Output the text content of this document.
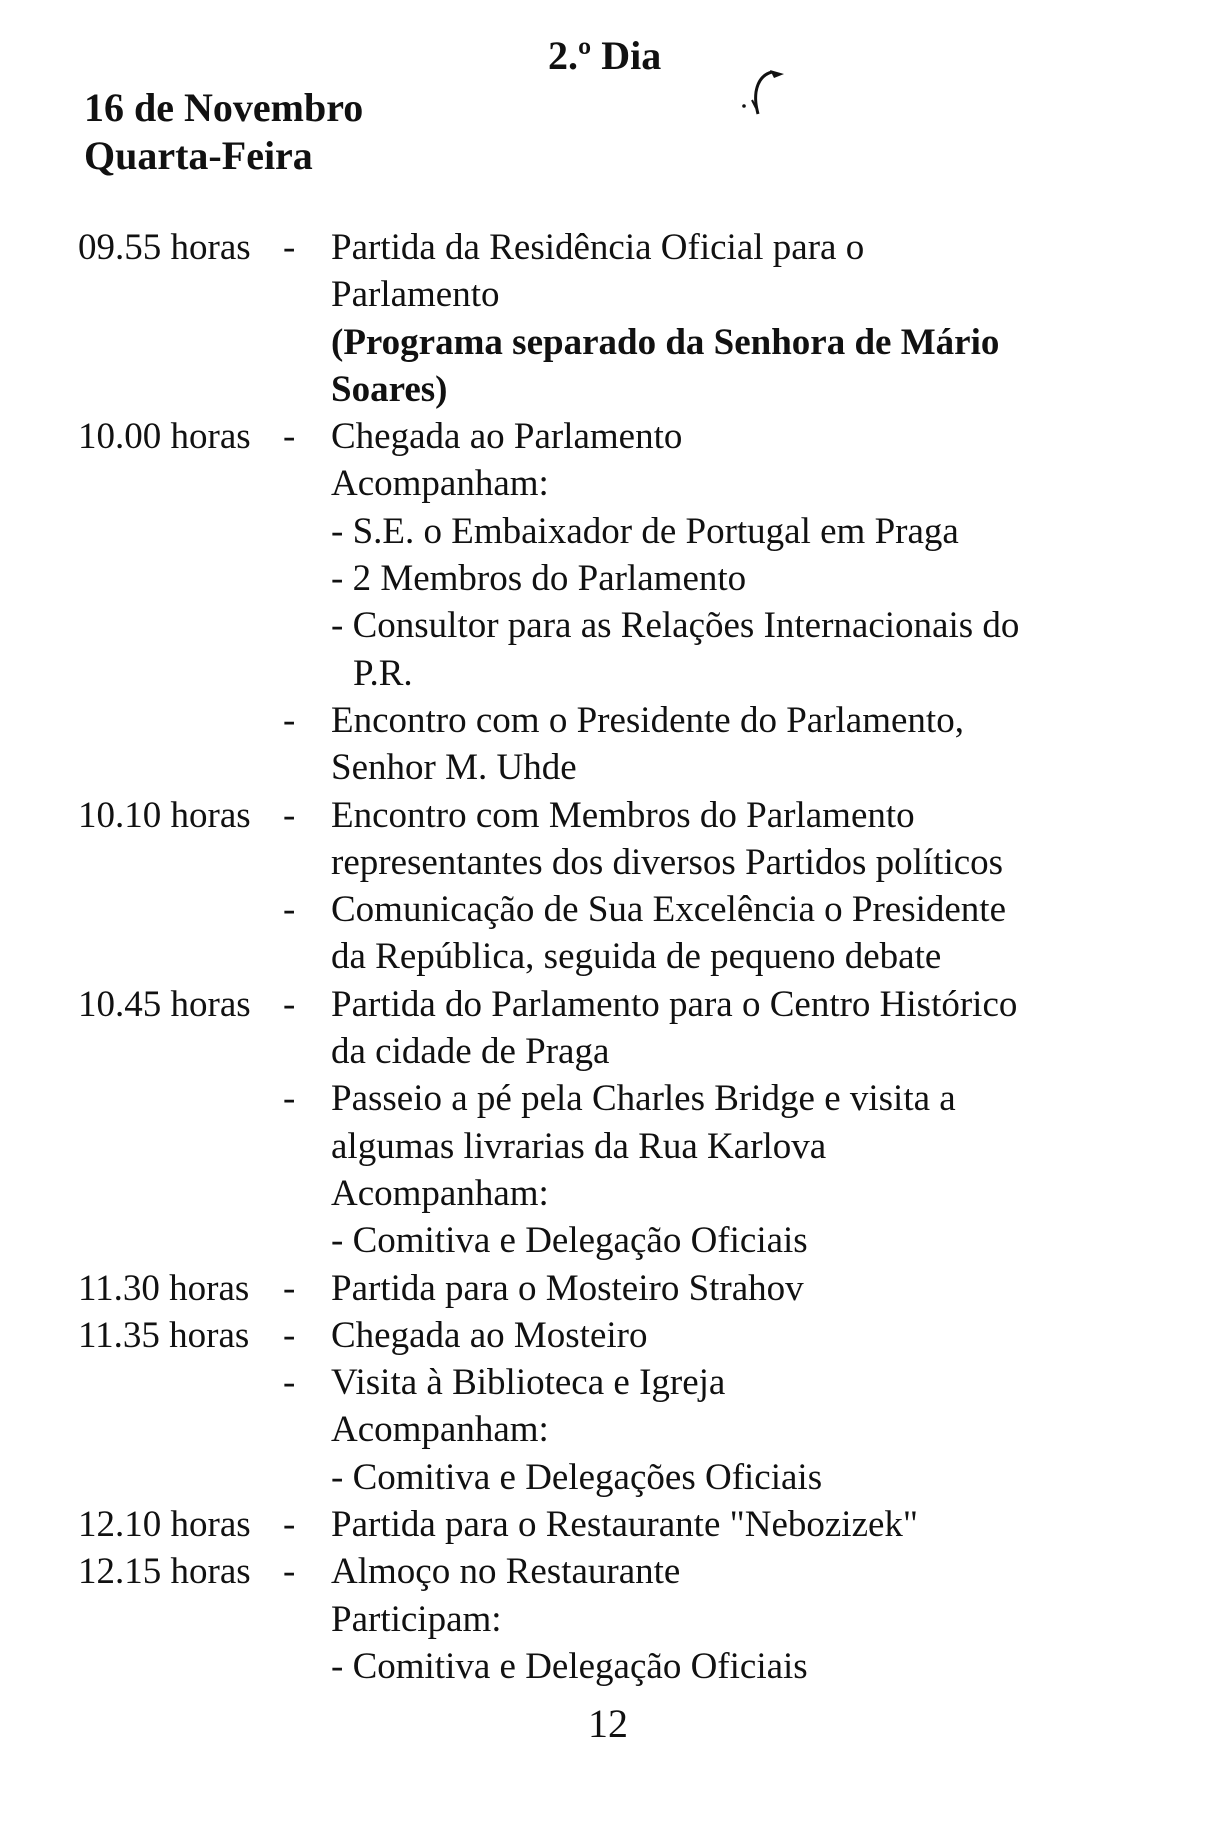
2.º Dia
16 de Novembro
Quarta-Feira
09.55 horas - Partida da Residência Oficial para o
Parlamento
(Programa separado da Senhora de Mário
Soares)
10.00 horas - Chegada ao Parlamento
Acompanham:
- S.E. o Embaixador de Portugal em Praga
- 2 Membros do Parlamento
- Consultor para as Relações Internacionais do
P.R.
- Encontro com o Presidente do Parlamento,
Senhor M. Uhde
10.10 horas - Encontro com Membros do Parlamento
representantes dos diversos Partidos políticos
- Comunicação de Sua Excelência o Presidente
da República, seguida de pequeno debate
10.45 horas - Partida do Parlamento para o Centro Histórico
da cidade de Praga
- Passeio a pé pela Charles Bridge e visita a
algumas livrarias da Rua Karlova
Acompanham:
- Comitiva e Delegação Oficiais
11.30 horas - Partida para o Mosteiro Strahov
11.35 horas - Chegada ao Mosteiro
- Visita à Biblioteca e Igreja
Acompanham:
- Comitiva e Delegações Oficiais
12.10 horas - Partida para o Restaurante "Nebozizek"
12.15 horas - Almoço no Restaurante
Participam:
- Comitiva e Delegação Oficiais
12
